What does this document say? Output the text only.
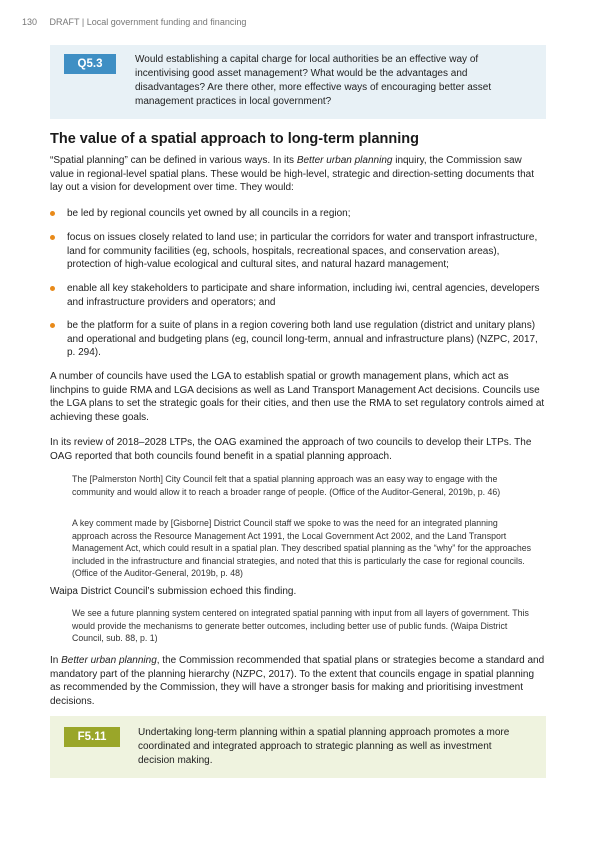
130 DRAFT | Local government funding and financing
Q5.3	Would establishing a capital charge for local authorities be an effective way of incentivising good asset management? What would be the advantages and disadvantages? Are there other, more effective ways of encouraging better asset management practices in local government?
The value of a spatial approach to long-term planning

“Spatial planning” can be defined in various ways. In its Better urban planning inquiry, the Commission saw value in regional-level spatial plans. These would be high-level, strategic and direction-setting documents that lay out a vision for development over time. They would:

be led by regional councils yet owned by all councils in a region;
focus on issues closely related to land use; in particular the corridors for water and transport infrastructure, land for community facilities (eg, schools, hospitals, recreational spaces, and conservation areas), protection of high-value ecological and cultural sites, and natural hazard management;
enable all key stakeholders to participate and share information, including iwi, central agencies, developers and infrastructure providers and operators; and
be the platform for a suite of plans in a region covering both land use regulation (district and unitary plans) and operational and budgeting plans (eg, council long-term, annual and infrastructure plans) (NZPC, 2017, p. 294).

A number of councils have used the LGA to establish spatial or growth management plans, which act as linchpins to guide RMA and LGA decisions as well as Land Transport Management Act decisions. Councils use the LGA plans to set the strategic goals for their cities, and then use the RMA to set regulatory controls aimed at achieving these goals.

In its review of 2018–2028 LTPs, the OAG examined the approach of two councils to develop their LTPs. The OAG reported that both councils found benefit in a spatial planning approach.

The [Palmerston North] City Council felt that a spatial planning approach was an easy way to engage with the community and would allow it to reach a broader range of people. (Office of the Auditor-General, 2019b, p. 46)
A key comment made by [Gisborne] District Council staff we spoke to was the need for an integrated planning approach across the Resource Management Act 1991, the Local Government Act 2002, and the Land Transport Management Act, which could result in a spatial plan. They described spatial planning as the “why” for the approaches included in the infrastructure and financial strategies, and noted that this is particularly the case for regional councils. (Office of the Auditor-General, 2019b, p. 48)

Waipa District Council’s submission echoed this finding.

We see a future planning system centered on integrated spatial panning with input from all layers of government. This would provide the mechanisms to generate better outcomes, including better use of public funds. (Waipa District Council, sub. 88, p. 1)

In Better urban planning, the Commission recommended that spatial plans or strategies become a standard and mandatory part of the planning hierarchy (NZPC, 2017). To the extent that councils engage in spatial planning as recommended by the Commission, they will have a stronger basis for making and prioritising investment decisions.

F5.11	Undertaking long-term planning within a spatial planning approach promotes a more coordinated and integrated approach to strategic planning as well as investment decision making.
